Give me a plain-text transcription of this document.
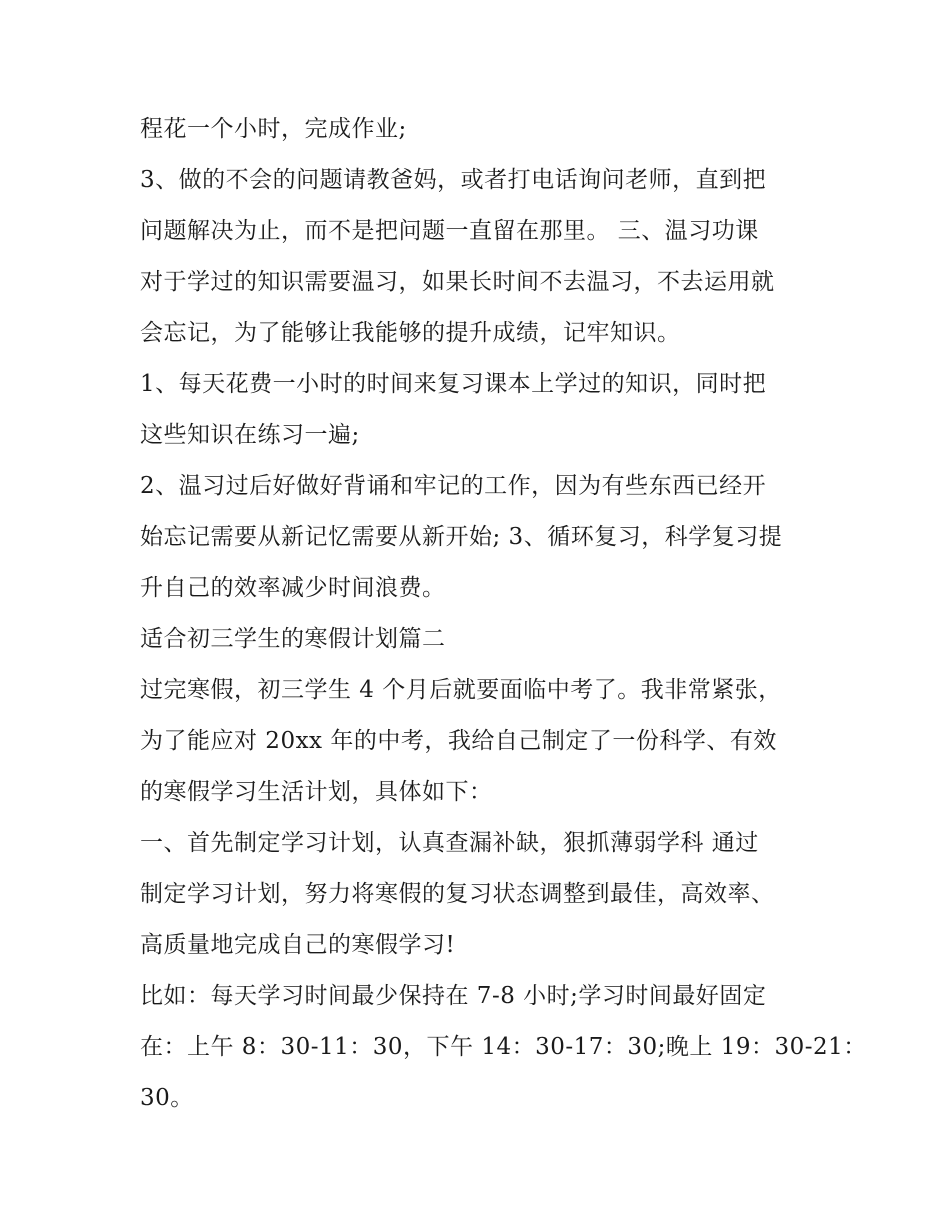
程花一个小时，完成作业;
3、做的不会的问题请教爸妈，或者打电话询问老师，直到把
问题解决为止，而不是把问题一直留在那里。 三、温习功课
对于学过的知识需要温习，如果长时间不去温习，不去运用就
会忘记，为了能够让我能够的提升成绩，记牢知识。
1、每天花费一小时的时间来复习课本上学过的知识，同时把
这些知识在练习一遍;
2、温习过后好做好背诵和牢记的工作，因为有些东西已经开
始忘记需要从新记忆需要从新开始; 3、循环复习，科学复习提
升自己的效率减少时间浪费。
适合初三学生的寒假计划篇二
过完寒假，初三学生 4 个月后就要面临中考了。我非常紧张，
为了能应对 20xx 年的中考，我给自己制定了一份科学、有效
的寒假学习生活计划，具体如下：
一、首先制定学习计划，认真查漏补缺，狠抓薄弱学科 通过
制定学习计划，努力将寒假的复习状态调整到最佳，高效率、
高质量地完成自己的寒假学习!
比如：每天学习时间最少保持在 7-8 小时;学习时间最好固定
在：上午 8：30-11：30，下午 14：30-17：30;晚上 19：30-21：
30。
